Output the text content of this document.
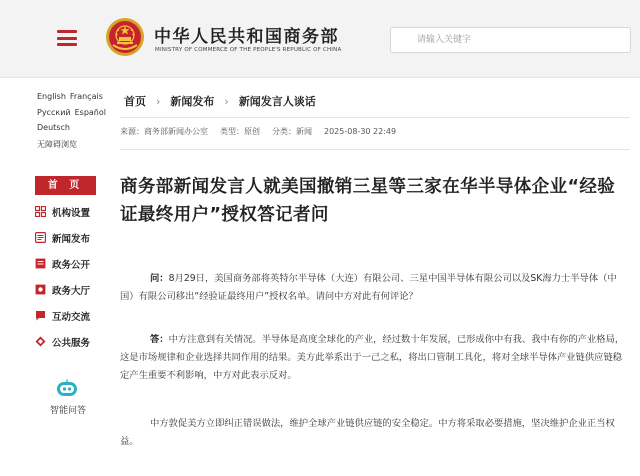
中华人民共和国商务部
MINISTRY OF COMMERCE OF THE PEOPLE'S REPUBLIC OF CHINA
请输入关键字
English Français
Русский Español
Deutsch
无障碍浏览
首 页
机构设置
新闻发布
政务公开
政务大厅
互动交流
公共服务
智能问答
首页 › 新闻发布 › 新闻发言人谈话
来源：商务部新闻办公室 类型：原创 分类：新闻 2025-08-30 22:49
商务部新闻发言人就美国撤销三星等三家在华半导体企业“经验证最终用户”授权答记者问
问：8月29日，美国商务部将英特尔半导体（大连）有限公司、三星中国半导体有限公司以及SK海力士半导体（中国）有限公司移出“经验证最终用户”授权名单。请问中方对此有何评论？
答：中方注意到有关情况。半导体是高度全球化的产业，经过数十年发展，已形成你中有我、我中有你的产业格局，这是市场规律和企业选择共同作用的结果。美方此举系出于一己之私，将出口管制工具化，将对全球半导体产业链供应链稳定产生重要不利影响，中方对此表示反对。
中方敦促美方立即纠正错误做法，维护全球产业链供应链的安全稳定。中方将采取必要措施，坚决维护企业正当权益。
